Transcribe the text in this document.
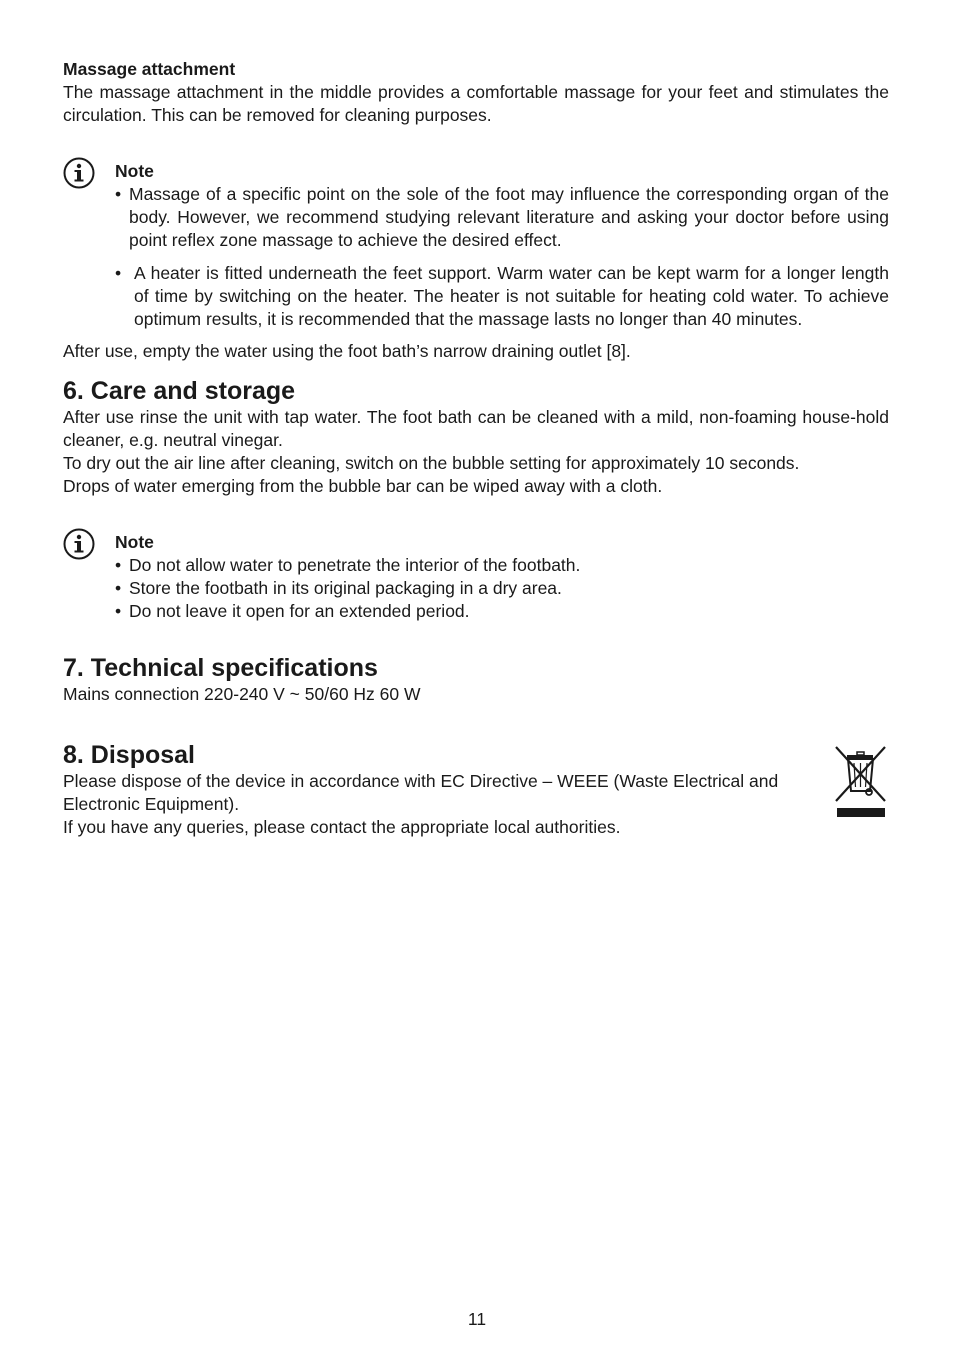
Massage attachment

The massage attachment in the middle provides a comfortable massage for your feet and stimulates the circulation. This can be removed for cleaning purposes.

Note
• Massage of a specific point on the sole of the foot may influence the corresponding organ of the body. However, we recommend studying relevant literature and asking your doctor before using point reflex zone massage to achieve the desired effect.
• A heater is fitted underneath the feet support. Warm water can be kept warm for a longer length of time by switching on the heater. The heater is not suitable for heating cold water. To achieve optimum results, it is recommended that the massage lasts no longer than 40 minutes.

After use, empty the water using the foot bath’s narrow draining outlet [8].

6. Care and storage

After use rinse the unit with tap water. The foot bath can be cleaned with a mild, non-foaming house-hold cleaner, e.g. neutral vinegar.

To dry out the air line after cleaning, switch on the bubble setting for approximately 10 seconds.

Drops of water emerging from the bubble bar can be wiped away with a cloth.

Note
• Do not allow water to penetrate the interior of the footbath.
• Store the footbath in its original packaging in a dry area.
• Do not leave it open for an extended period.
7. Technical specifications

Mains connection 220-240 V ~ 50/60 Hz 60 W

8. Disposal

Please dispose of the device in accordance with EC Directive – WEEE (Waste Electrical and Electronic Equipment).

If you have any queries, please contact the appropriate local authorities.

11
